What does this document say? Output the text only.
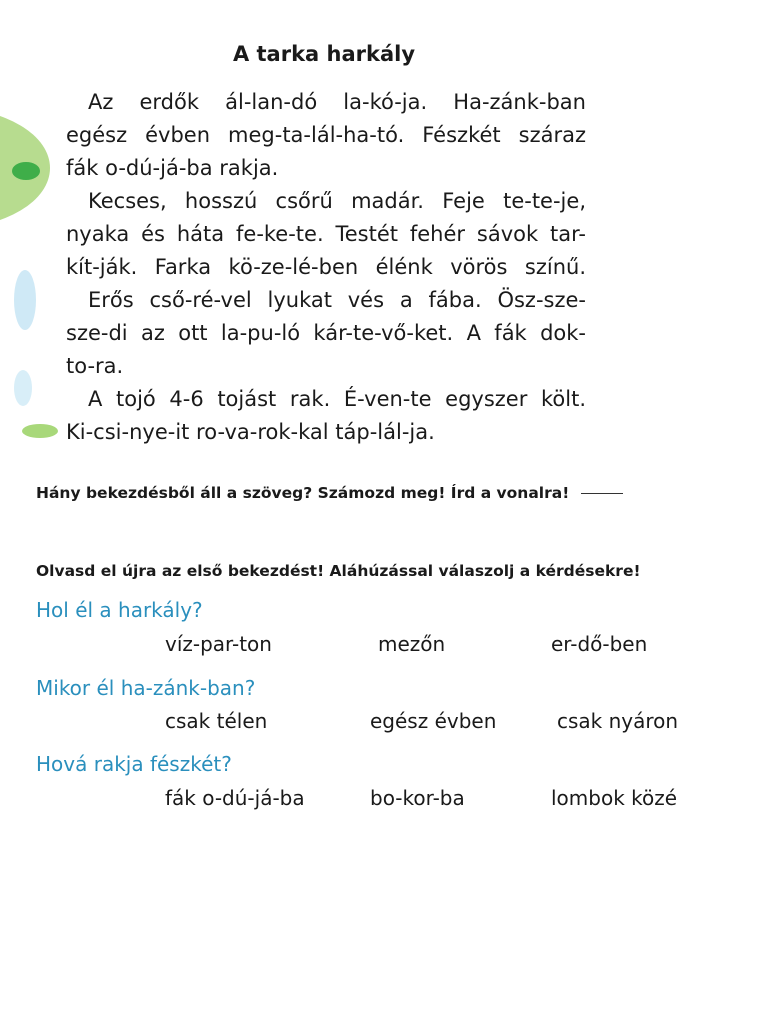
A tarka harkály
Az erdők ál-lan-dó la-kó-ja. Ha-zánk-ban
egész évben meg-ta-lál-ha-tó. Fészkét száraz
fák o-dú-já-ba rakja.
Kecses, hosszú csőrű madár. Feje te-te-je,
nyaka és háta fe-ke-te. Testét fehér sávok tar-
kít-ják. Farka kö-ze-lé-ben élénk vörös színű.
Erős cső-ré-vel lyukat vés a fába. Ösz-sze-
sze-di az ott la-pu-ló kár-te-vő-ket. A fák dok-
to-ra.
A tojó 4-6 tojást rak. É-ven-te egyszer költ.
Ki-csi-nye-it ro-va-rok-kal táp-lál-ja.
Hány bekezdésből áll a szöveg? Számozd meg! Írd a vonalra!
Olvasd el újra az első bekezdést! Aláhúzással válaszolj a kérdésekre!
Hol él a harkály?
víz-par-ton	mezőn	er-dő-ben
Mikor él ha-zánk-ban?
csak télen	egész évben	csak nyáron
Hová rakja fészkét?
fák o-dú-já-ba	bo-kor-ba	lombok közé
